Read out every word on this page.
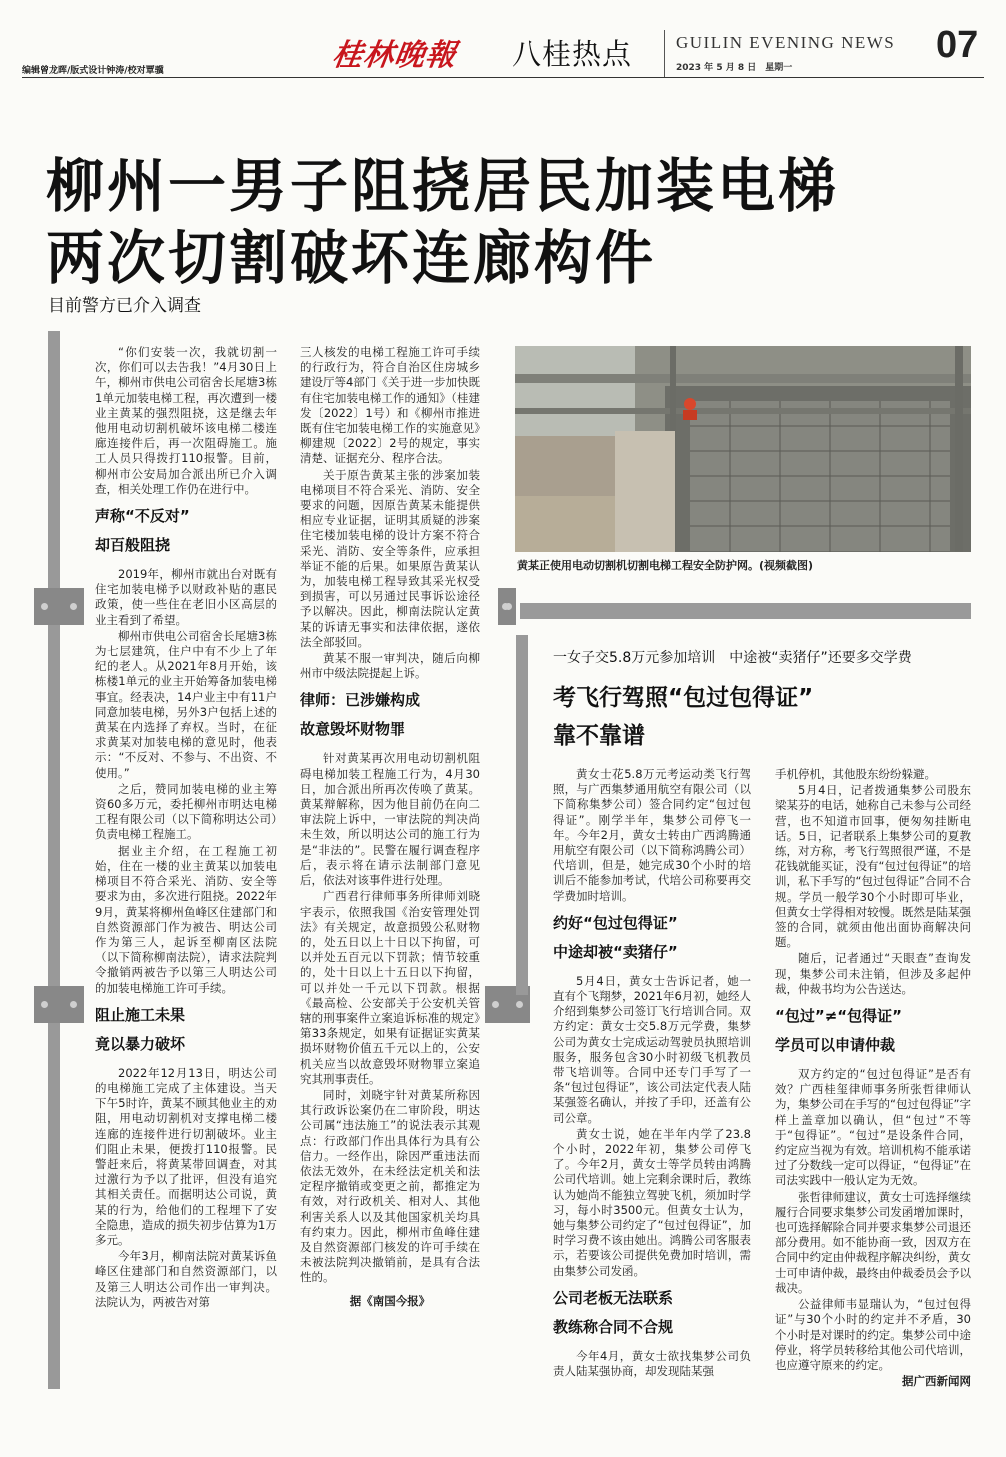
编辑曾龙晖/版式设计钟涛/校对覃骥	桂林晚報 八桂热点	GUILIN EVENING NEWS
2023 年 5 月 8 日　星期一
07
柳州一男子阻挠居民加装电梯
两次切割破坏连廊构件
目前警方已介入调查

“你们安装一次，我就切割一次，你们可以去告我！”4月30日上午，柳州市供电公司宿舍长尾塘3栋1单元加装电梯工程，再次遭到一楼业主黄某的强烈阻挠，这是继去年他用电动切割机破坏该电梯二楼连廊连接件后，再一次阻碍施工。施工人员只得拨打110报警。目前，柳州市公安局加合派出所已介入调查，相关处理工作仍在进行中。

声称“不反对”
却百般阻挠

2019年，柳州市就出台对既有住宅加装电梯予以财政补贴的惠民政策，使一些住在老旧小区高层的业主看到了希望。

柳州市供电公司宿舍长尾塘3栋为七层建筑，住户中有不少上了年纪的老人。从2021年8月开始，该栋楼1单元的业主开始筹备加装电梯事宜。经表决，14户业主中有11户同意加装电梯，另外3户包括上述的黄某在内选择了弃权。当时，在征求黄某对加装电梯的意见时，他表示：“不反对、不参与、不出资、不使用。”

之后，赞同加装电梯的业主筹资60多万元，委托柳州市明达电梯工程有限公司（以下简称明达公司）负责电梯工程施工。

据业主介绍，在工程施工初始，住在一楼的业主黄某以加装电梯项目不符合采光、消防、安全等要求为由，多次进行阻挠。2022年9月，黄某将柳州鱼峰区住建部门和自然资源部门作为被告、明达公司作为第三人，起诉至柳南区法院（以下简称柳南法院），请求法院判令撤销两被告予以第三人明达公司的加装电梯施工许可手续。

阻止施工未果
竟以暴力破坏

2022年12月13日，明达公司的电梯施工完成了主体建设。当天下午5时许，黄某不顾其他业主的劝阻，用电动切割机对支撑电梯二楼连廊的连接件进行切割破坏。业主们阻止未果，便拨打110报警。民警赶来后，将黄某带回调查，对其过激行为予以了批评，但没有追究其相关责任。而据明达公司说，黄某的行为，给他们的工程埋下了安全隐患，造成的损失初步估算为1万多元。

今年3月，柳南法院对黄某诉鱼峰区住建部门和自然资源部门，以及第三人明达公司作出一审判决。法院认为，两被告对第

三人核发的电梯工程施工许可手续的行政行为，符合自治区住房城乡建设厅等4部门《关于进一步加快既有住宅加装电梯工作的通知》（桂建发〔2022〕1号）和《柳州市推进既有住宅加装电梯工作的实施意见》柳建规〔2022〕2号的规定，事实清楚、证据充分、程序合法。

关于原告黄某主张的涉案加装电梯项目不符合采光、消防、安全要求的问题，因原告黄某未能提供相应专业证据，证明其质疑的涉案住宅楼加装电梯的设计方案不符合采光、消防、安全等条件，应承担举证不能的后果。如果原告黄某认为，加装电梯工程导致其采光权受到损害，可以另通过民事诉讼途径予以解决。因此，柳南法院认定黄某的诉请无事实和法律依据，遂依法全部驳回。

黄某不服一审判决，随后向柳州市中级法院提起上诉。

律师：已涉嫌构成
故意毁坏财物罪

针对黄某再次用电动切割机阻碍电梯加装工程施工行为，4月30日，加合派出所再次传唤了黄某。黄某辩解称，因为他目前仍在向二审法院上诉中，一审法院的判决尚未生效，所以明达公司的施工行为是“非法的”。民警在履行调查程序后，表示将在请示法制部门意见后，依法对该事件进行处理。

广西君行律师事务所律师刘晓宇表示，依照我国《治安管理处罚法》有关规定，故意损毁公私财物的，处五日以上十日以下拘留，可以并处五百元以下罚款；情节较重的，处十日以上十五日以下拘留，可以并处一千元以下罚款。根据《最高检、公安部关于公安机关管辖的刑事案件立案追诉标准的规定》第33条规定，如果有证据证实黄某损坏财物价值五千元以上的，公安机关应当以故意毁坏财物罪立案追究其刑事责任。

同时，刘晓宇针对黄某所称因其行政诉讼案仍在二审阶段，明达公司属“违法施工”的说法表示其观点：行政部门作出具体行为具有公信力。一经作出，除因严重违法而依法无效外，在未经法定机关和法定程序撤销或变更之前，都推定为有效，对行政机关、相对人、其他利害关系人以及其他国家机关均具有约束力。因此，柳州市鱼峰住建及自然资源部门核发的许可手续在未被法院判决撤销前，是具有合法性的。

据《南国今报》

黄某正使用电动切割机切割电梯工程安全防护网。(视频截图)
一女子交5.8万元参加培训　中途被“卖猪仔”还要多交学费
考飞行驾照“包过包得证”
靠不靠谱

黄女士花5.8万元考运动类飞行驾照，与广西集梦通用航空有限公司（以下简称集梦公司）签合同约定“包过包得证”。刚学半年，集梦公司停飞一年。今年2月，黄女士转由广西鸿腾通用航空有限公司（以下简称鸿腾公司）代培训，但是，她完成30个小时的培训后不能参加考试，代培公司称要再交学费加时培训。

约好“包过包得证”
中途却被“卖猪仔”

5月4日，黄女士告诉记者，她一直有个飞翔梦，2021年6月初，她经人介绍到集梦公司签订飞行培训合同。双方约定：黄女士交5.8万元学费，集梦公司为黄女士完成运动驾驶员执照培训服务，服务包含30小时初级飞机教员带飞培训等。合同中还专门手写了一条“包过包得证”，该公司法定代表人陆某强签名确认，并按了手印，还盖有公司公章。

黄女士说，她在半年内学了23.8个小时，2022年初，集梦公司停飞了。今年2月，黄女士等学员转由鸿腾公司代培训。她上完剩余课时后，教练认为她尚不能独立驾驶飞机，须加时学习，每小时3500元。但黄女士认为，她与集梦公司约定了“包过包得证”，加时学习费不该由她出。鸿腾公司客服表示，若要该公司提供免费加时培训，需由集梦公司发函。

公司老板无法联系
教练称合同不合规

今年4月，黄女士欲找集梦公司负责人陆某强协商，却发现陆某强

手机停机，其他股东纷纷躲避。

5月4日，记者拨通集梦公司股东梁某芬的电话，她称自己未参与公司经营，也不知道市回事，便匆匆挂断电话。5日，记者联系上集梦公司的夏教练，对方称，考飞行驾照很严谨，不是花钱就能买证，没有“包过包得证”的培训，私下手写的“包过包得证”合同不合规。学员一般学30个小时即可毕业，但黄女士学得相对较慢。既然是陆某强签的合同，就须由他出面协商解决问题。

随后，记者通过“天眼查”查询发现，集梦公司未注销，但涉及多起仲裁，仲裁书均为公告送达。

“包过”≠“包得证”
学员可以申请仲裁

双方约定的“包过包得证”是否有效？广西桂玺律师事务所张哲律师认为，集梦公司在手写的“包过包得证”字样上盖章加以确认，但“包过”不等于“包得证”。“包过”是设条件合同，约定应当视为有效。培训机构不能承诺过了分数线一定可以得证，“包得证”在司法实践中一般认定为无效。

张哲律师建议，黄女士可选择继续履行合同要求集梦公司发函增加课时，也可选择解除合同并要求集梦公司退还部分费用。如不能协商一致，因双方在合同中约定由仲裁程序解决纠纷，黄女士可申请仲裁，最终由仲裁委员会予以裁决。

公益律师韦显瑞认为，“包过包得证”与30个小时的约定并不矛盾，30个小时是对课时的约定。集梦公司中途停业，将学员转移给其他公司代培训，也应遵守原来的约定。

据广西新闻网
